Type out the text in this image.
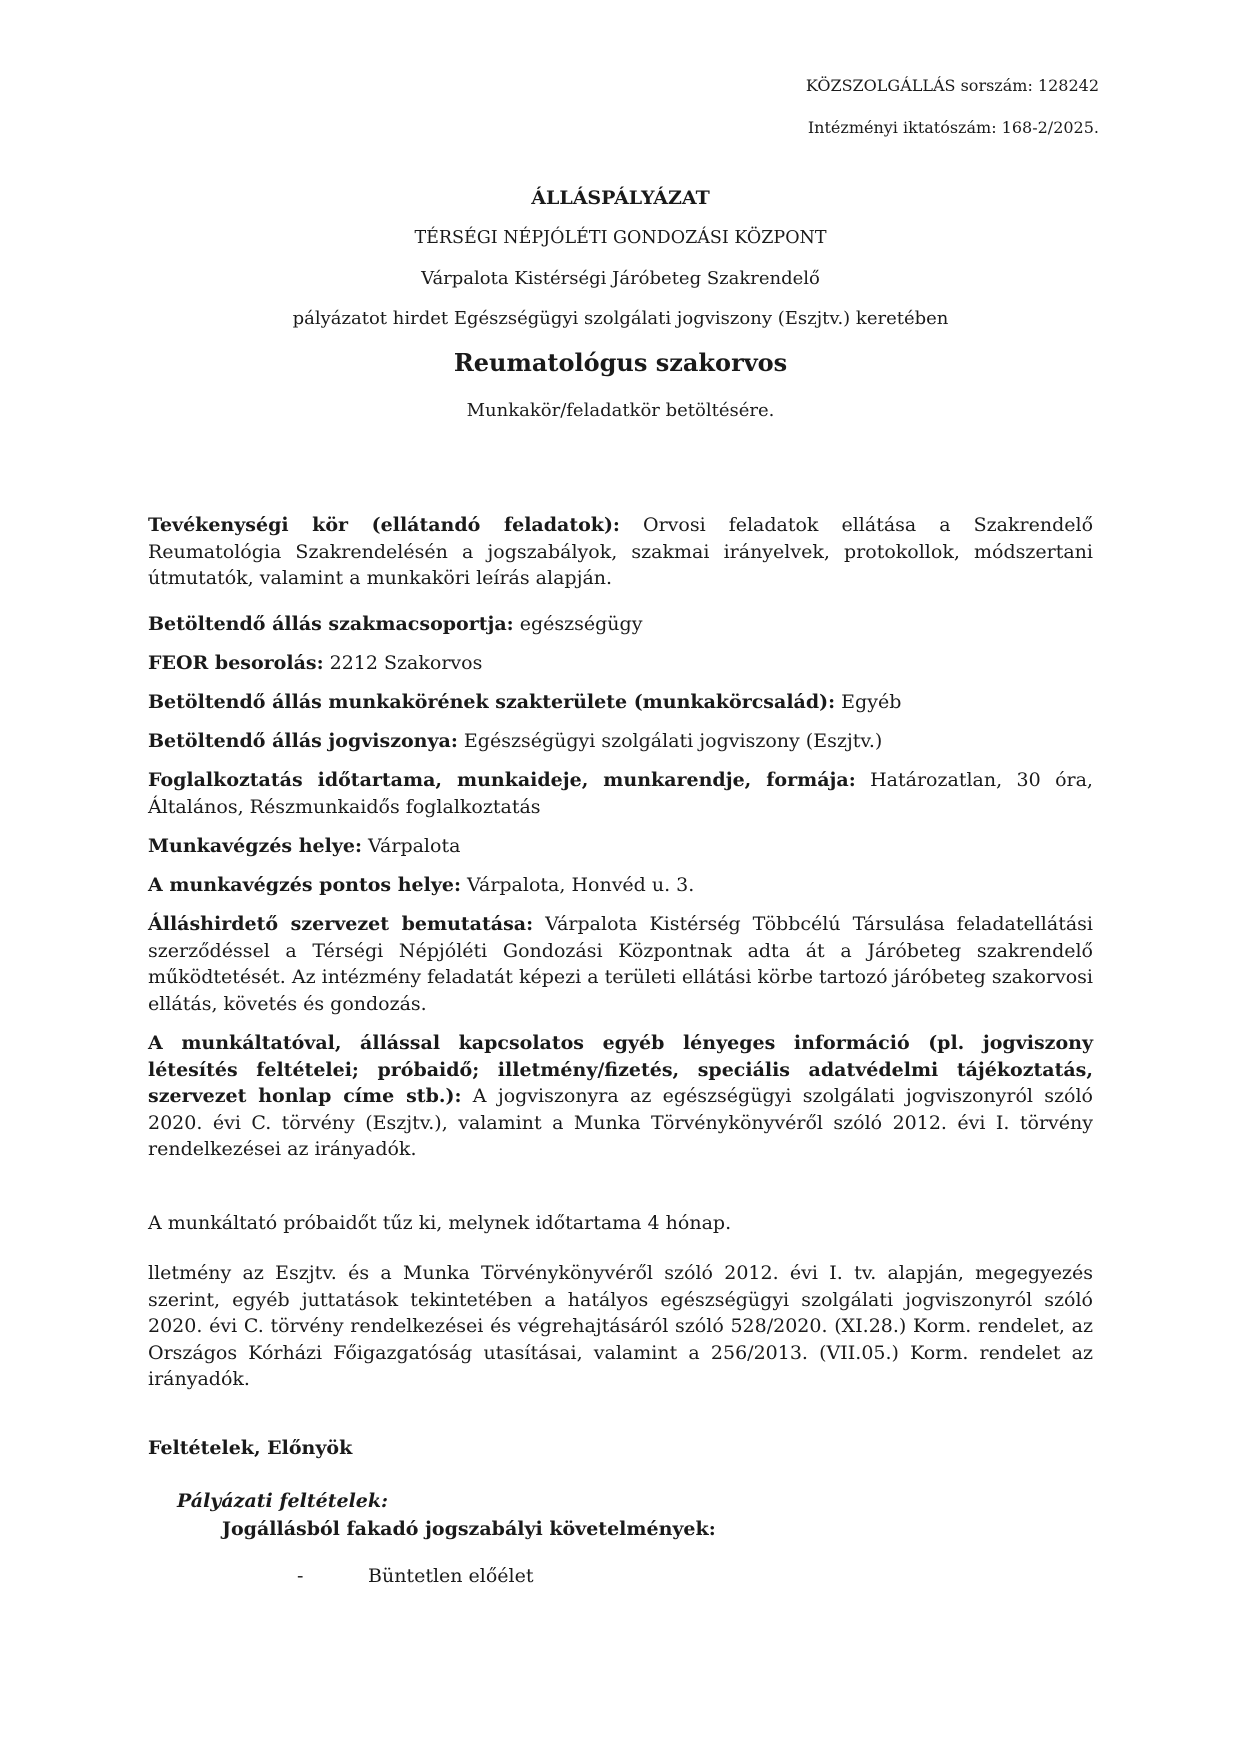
KÖZSZOLGÁLLÁS sorszám: 128242
Intézményi iktatószám: 168-2/2025.
ÁLLÁSPÁLYÁZAT
TÉRSÉGI NÉPJÓLÉTI GONDOZÁSI KÖZPONT
Várpalota Kistérségi Járóbeteg Szakrendelő
pályázatot hirdet Egészségügyi szolgálati jogviszony (Eszjtv.) keretében
Reumatológus szakorvos
Munkakör/feladatkör betöltésére.

Tevékenységi kör (ellátandó feladatok): Orvosi feladatok ellátása a Szakrendelő Reumatológia Szakrendelésén a jogszabályok, szakmai irányelvek, protokollok, módszertani útmutatók, valamint a munkaköri leírás alapján.

Betöltendő állás szakmacsoportja: egészségügy

FEOR besorolás: 2212 Szakorvos

Betöltendő állás munkakörének szakterülete (munkakörcsalád): Egyéb

Betöltendő állás jogviszonya: Egészségügyi szolgálati jogviszony (Eszjtv.)

Foglalkoztatás időtartama, munkaideje, munkarendje, formája: Határozatlan, 30 óra, Általános, Részmunkaidős foglalkoztatás

Munkavégzés helye: Várpalota

A munkavégzés pontos helye: Várpalota, Honvéd u. 3.

Álláshirdető szervezet bemutatása: Várpalota Kistérség Többcélú Társulása feladatellátási szerződéssel a Térségi Népjóléti Gondozási Központnak adta át a Járóbeteg szakrendelő működtetését. Az intézmény feladatát képezi a területi ellátási körbe tartozó járóbeteg szakorvosi ellátás, követés és gondozás.

A munkáltatóval, állással kapcsolatos egyéb lényeges információ (pl. jogviszony létesítés feltételei; próbaidő; illetmény/fizetés, speciális adatvédelmi tájékoztatás, szervezet honlap címe stb.): A jogviszonyra az egészségügyi szolgálati jogviszonyról szóló 2020. évi C. törvény (Eszjtv.), valamint a Munka Törvénykönyvéről szóló 2012. évi I. törvény rendelkezései az irányadók.

A munkáltató próbaidőt tűz ki, melynek időtartama 4 hónap.

lletmény az Eszjtv. és a Munka Törvénykönyvéről szóló 2012. évi I. tv. alapján, megegyezés szerint, egyéb juttatások tekintetében a hatályos egészségügyi szolgálati jogviszonyról szóló 2020. évi C. törvény rendelkezései és végrehajtásáról szóló 528/2020. (XI.28.) Korm. rendelet, az Országos Kórházi Főigazgatóság utasításai, valamint a 256/2013. (VII.05.) Korm. rendelet az irányadók.

Feltételek, Előnyök
Pályázati feltételek:
Jogállásból fakadó jogszabályi követelmények:
-	Büntetlen előélet
